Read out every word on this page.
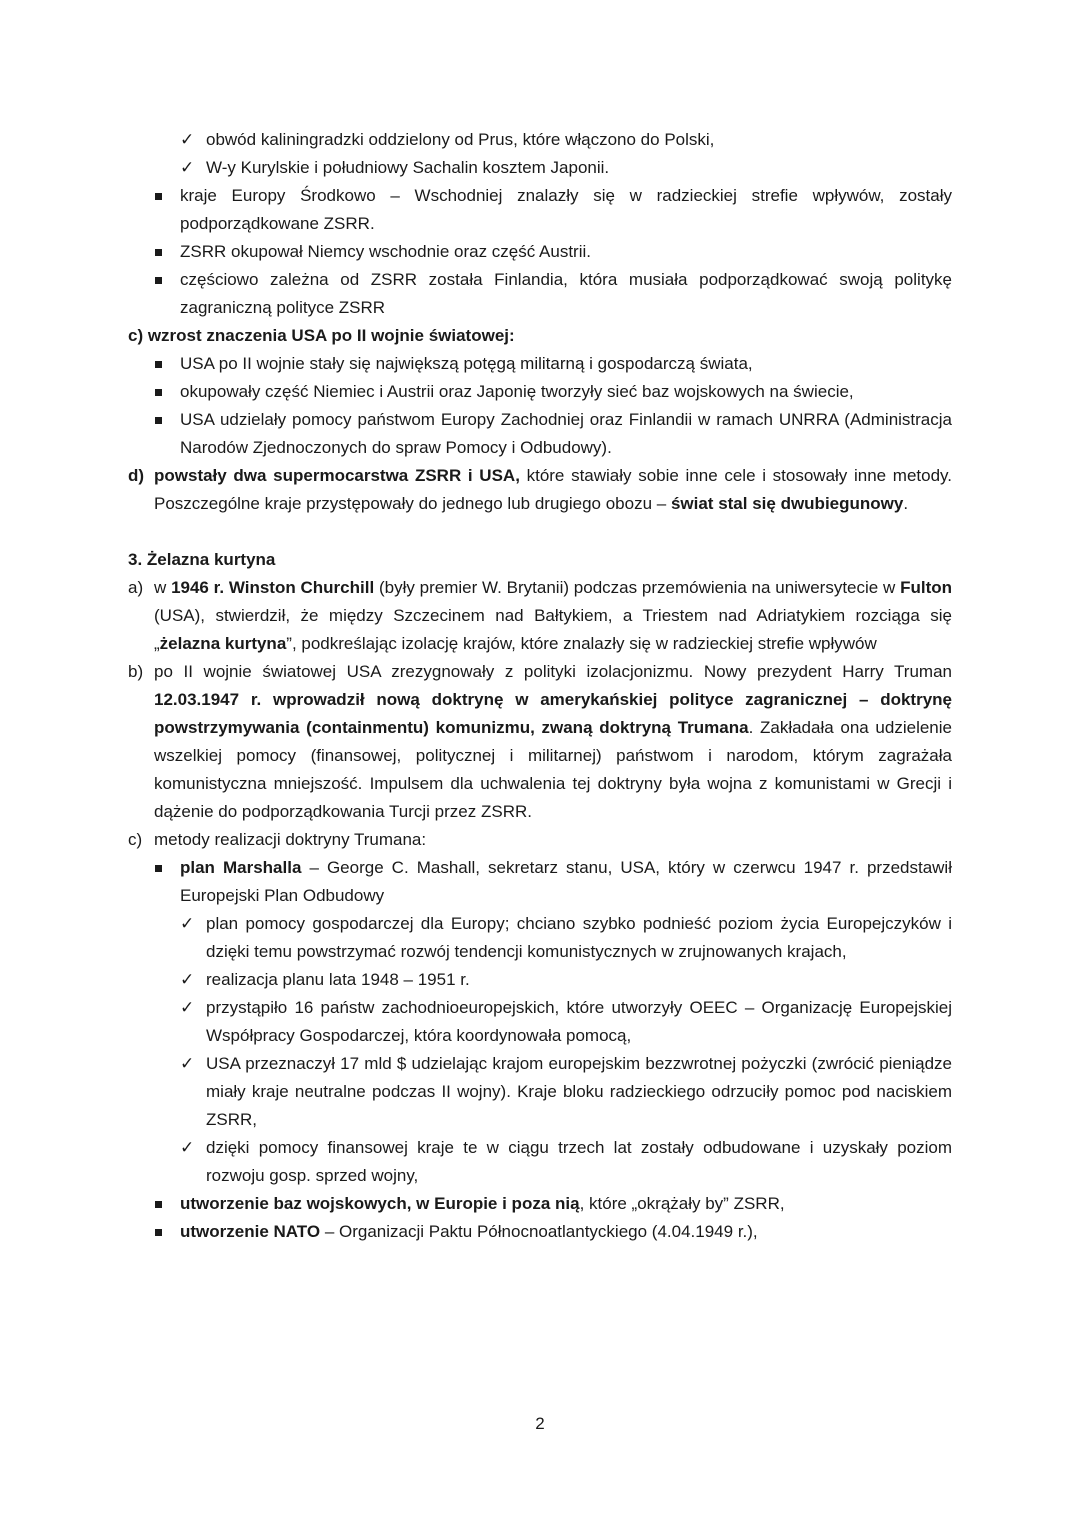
✓ obwód kaliningradzki oddzielony od Prus, które włączono do Polski,
✓ W-y Kurylskie i południowy Sachalin kosztem Japonii.
kraje Europy Środkowo – Wschodniej znalazły się w radzieckiej strefie wpływów, zostały podporządkowane ZSRR.
ZSRR okupował Niemcy wschodnie oraz część Austrii.
częściowo zależna od ZSRR została Finlandia, która musiała podporządkować swoją politykę zagraniczną polityce ZSRR
c) wzrost znaczenia USA po II wojnie światowej:
USA po II wojnie stały się największą potęgą militarną i gospodarczą świata,
okupowały część Niemiec i Austrii oraz Japonię tworzyły sieć baz wojskowych na świecie,
USA udzielały pomocy państwom Europy Zachodniej oraz Finlandii w ramach UNRRA (Administracja Narodów Zjednoczonych do spraw Pomocy i Odbudowy).
d) powstały dwa supermocarstwa ZSRR i USA, które stawiały sobie inne cele i stosowały inne metody. Poszczególne kraje przystępowały do jednego lub drugiego obozu – świat stal się dwubiegunowy.
3. Żelazna kurtyna
a) w 1946 r. Winston Churchill (były premier W. Brytanii) podczas przemówienia na uniwersytecie w Fulton (USA), stwierdził, że między Szczecinem nad Bałtykiem, a Triestem nad Adriatykiem rozciąga się „żelazna kurtyna”, podkreślając izolację krajów, które znalazły się w radzieckiej strefie wpływów
b) po II wojnie światowej USA zrezygnowały z polityki izolacjonizmu. Nowy prezydent Harry Truman 12.03.1947 r. wprowadził nową doktrynę w amerykańskiej polityce zagranicznej – doktrynę powstrzymywania (containmentu) komunizmu, zwaną doktryną Trumana. Zakładała ona udzielenie wszelkiej pomocy (finansowej, politycznej i militarnej) państwom i narodom, którym zagrażała komunistyczna mniejszość. Impulsem dla uchwalenia tej doktryny była wojna z komunistami w Grecji i dążenie do podporządkowania Turcji przez ZSRR.
c) metody realizacji doktryny Trumana:
plan Marshalla – George C. Mashall, sekretarz stanu, USA, który w czerwcu 1947 r. przedstawił Europejski Plan Odbudowy
✓ plan pomocy gospodarczej dla Europy; chciano szybko podnieść poziom życia Europejczyków i dzięki temu powstrzymać rozwój tendencji komunistycznych w zrujnowanych krajach,
✓ realizacja planu lata 1948 – 1951 r.
✓ przystąpiło 16 państw zachodnioeuropejskich, które utworzyły OEEC – Organizację Europejskiej Współpracy Gospodarczej, która koordynowała pomocą,
✓ USA przeznaczył 17 mld $ udzielając krajom europejskim bezzwrotnej pożyczki (zwrócić pieniądze miały kraje neutralne podczas II wojny). Kraje bloku radzieckiego odrzuciły pomoc pod naciskiem ZSRR,
✓ dzięki pomocy finansowej kraje te w ciągu trzech lat zostały odbudowane i uzyskały poziom rozwoju gosp. sprzed wojny,
utworzenie baz wojskowych, w Europie i poza nią, które „okrążały by” ZSRR,
utworzenie NATO – Organizacji Paktu Północnoatlantyckiego (4.04.1949 r.),
2
